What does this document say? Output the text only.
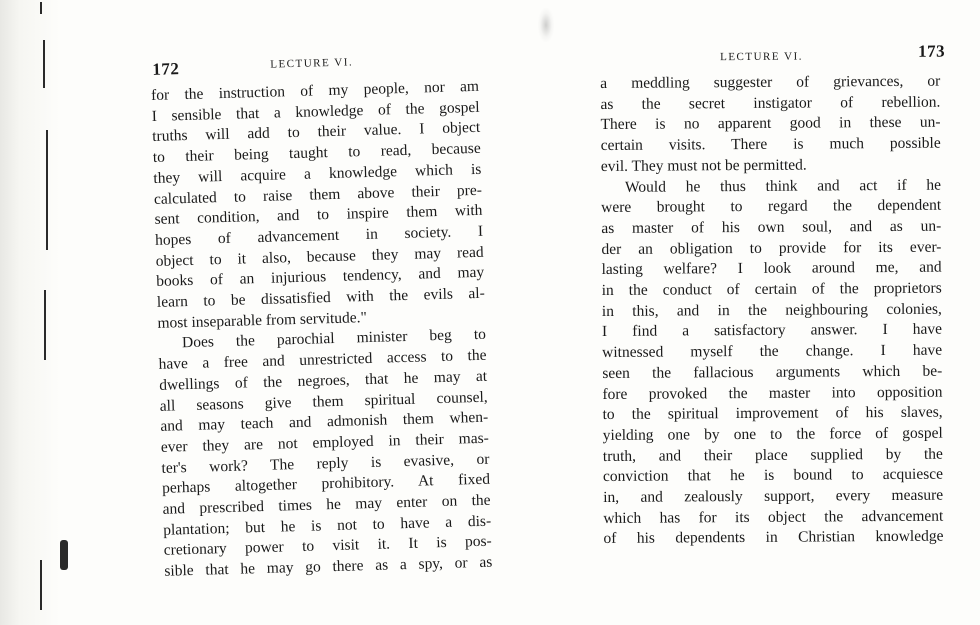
172	LECTURE VI.
for the instruction of my people, nor am
I sensible that a knowledge of the gospel
truths will add to their value. I object
to their being taught to read, because
they will acquire a knowledge which is
calculated to raise them above their pre-
sent condition, and to inspire them with
hopes of advancement in society. I
object to it also, because they may read
books of an injurious tendency, and may
learn to be dissatisfied with the evils al-
most inseparable from servitude."
Does the parochial minister beg to
have a free and unrestricted access to the
dwellings of the negroes, that he may at
all seasons give them spiritual counsel,
and may teach and admonish them when-
ever they are not employed in their mas-
ter's work? The reply is evasive, or
perhaps altogether prohibitory. At fixed
and prescribed times he may enter on the
plantation; but he is not to have a dis-
cretionary power to visit it. It is pos-
sible that he may go there as a spy, or as
LECTURE VI.	173
a meddling suggester of grievances, or
as the secret instigator of rebellion.
There is no apparent good in these un-
certain visits. There is much possible
evil. They must not be permitted.
Would he thus think and act if he
were brought to regard the dependent
as master of his own soul, and as un-
der an obligation to provide for its ever-
lasting welfare? I look around me, and
in the conduct of certain of the proprietors
in this, and in the neighbouring colonies,
I find a satisfactory answer. I have
witnessed myself the change. I have
seen the fallacious arguments which be-
fore provoked the master into opposition
to the spiritual improvement of his slaves,
yielding one by one to the force of gospel
truth, and their place supplied by the
conviction that he is bound to acquiesce
in, and zealously support, every measure
which has for its object the advancement
of his dependents in Christian knowledge
